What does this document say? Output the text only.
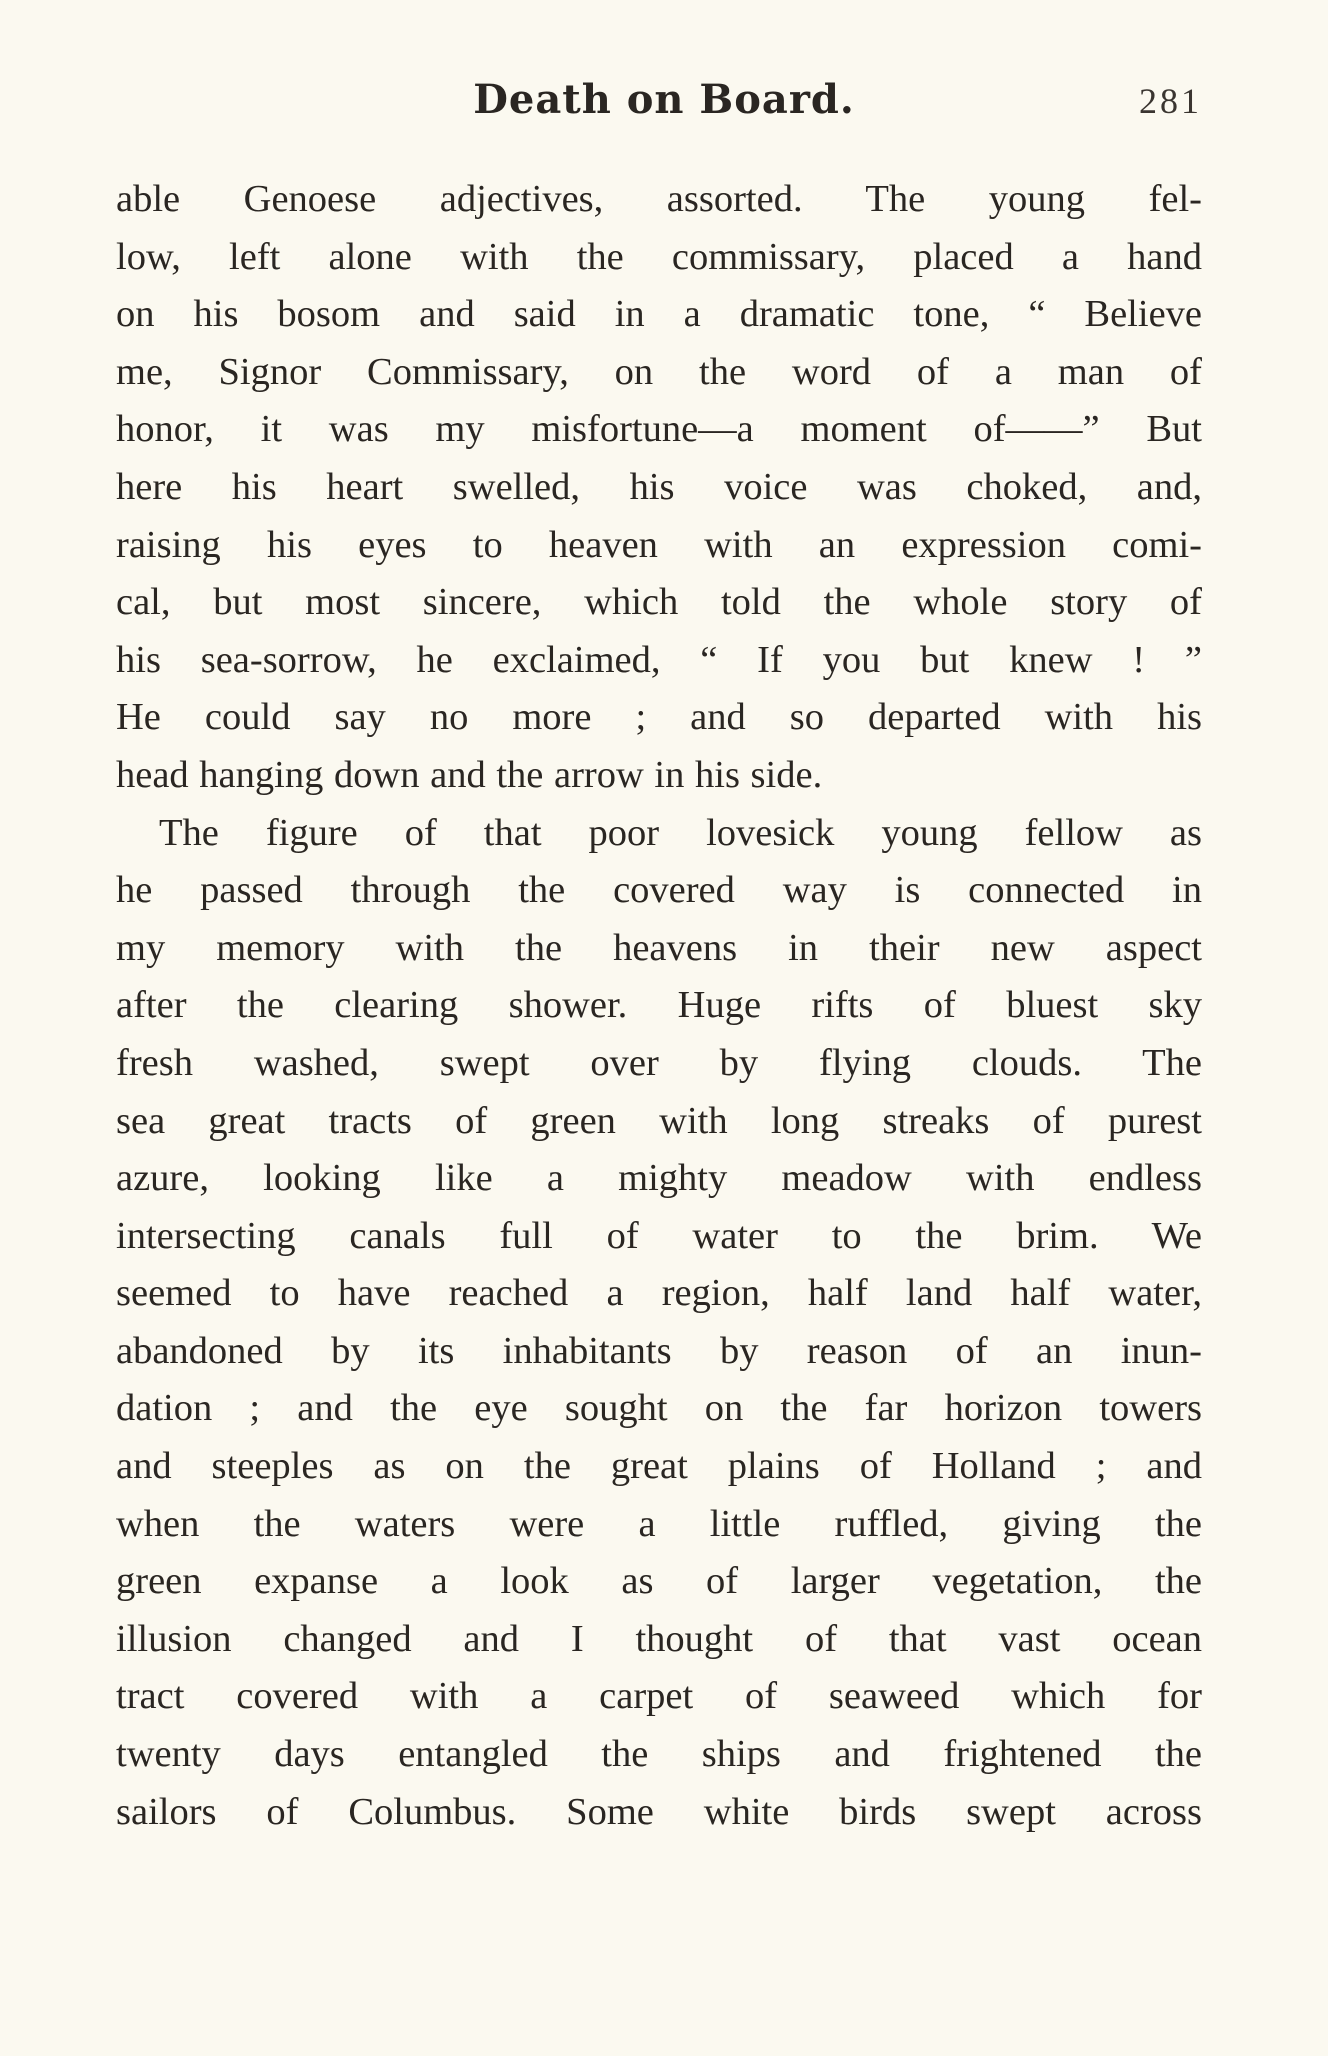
Death on Board.	281
able Genoese adjectives, assorted. The young fel-
low, left alone with the commissary, placed a hand
on his bosom and said in a dramatic tone, “ Believe
me, Signor Commissary, on the word of a man of
honor, it was my misfortune—a moment of——” But
here his heart swelled, his voice was choked, and,
raising his eyes to heaven with an expression comi-
cal, but most sincere, which told the whole story of
his sea-sorrow, he exclaimed, “ If you but knew ! ”
He could say no more ; and so departed with his
head hanging down and the arrow in his side.
The figure of that poor lovesick young fellow as
he passed through the covered way is connected in
my memory with the heavens in their new aspect
after the clearing shower. Huge rifts of bluest sky
fresh washed, swept over by flying clouds. The
sea great tracts of green with long streaks of purest
azure, looking like a mighty meadow with endless
intersecting canals full of water to the brim. We
seemed to have reached a region, half land half water,
abandoned by its inhabitants by reason of an inun-
dation ; and the eye sought on the far horizon towers
and steeples as on the great plains of Holland ; and
when the waters were a little ruffled, giving the
green expanse a look as of larger vegetation, the
illusion changed and I thought of that vast ocean
tract covered with a carpet of seaweed which for
twenty days entangled the ships and frightened the
sailors of Columbus. Some white birds swept across
